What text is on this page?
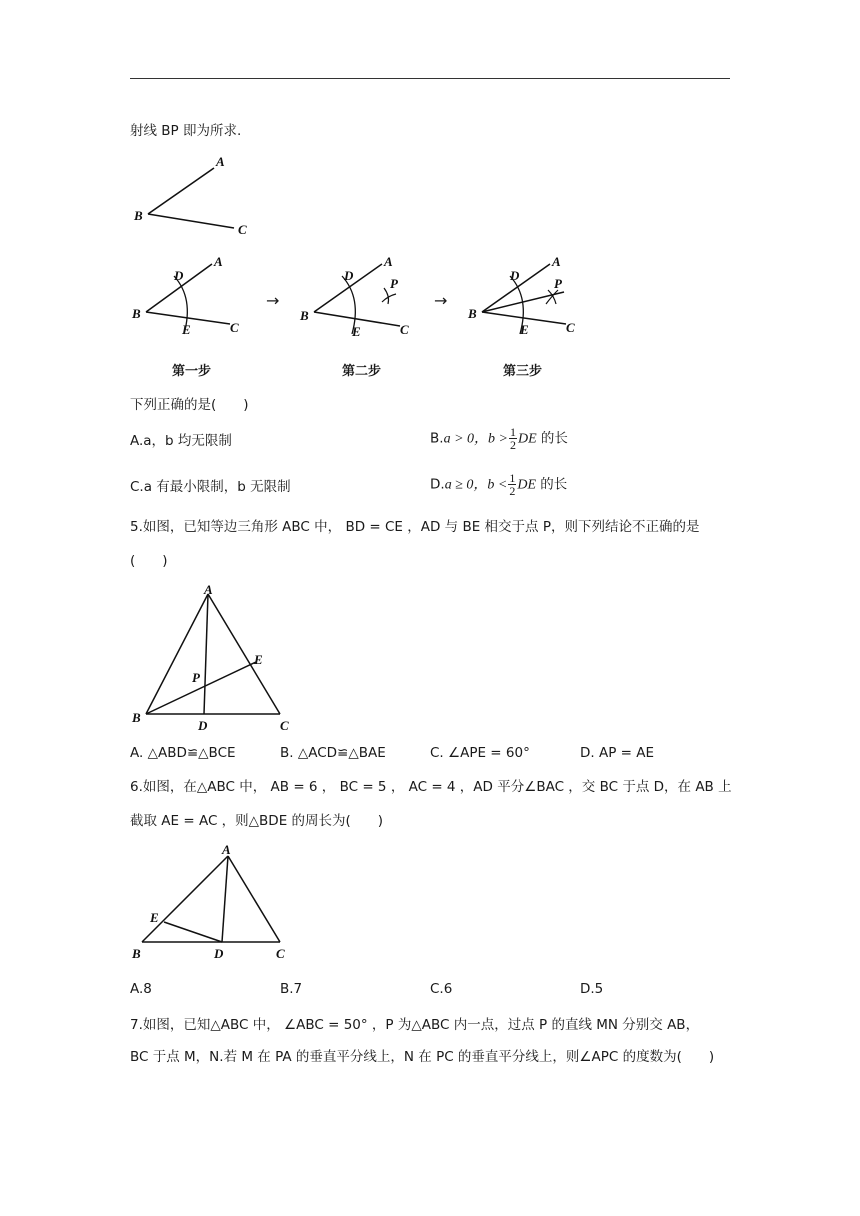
射线 BP 即为所求.
A
B
C
A
B
C
D
E
→
A
B
C
D
E
P
→
A
B
C
D
E
P
第一步	第二步	第三步
下列正确的是(　　)
A.a，b 均无限制	B.a > 0，$b > \frac{1}{2}$ DE 的长
C.a 有最小限制，b 无限制	D.a ≥ 0，$b < \frac{1}{2}$ DE 的长
5.如图，已知等边三角形 ABC 中， BD = CE ，AD 与 BE 相交于点 P，则下列结论不正确的是
(　　)
A
B
C
D
E
P
A. △ABD≌△BCE	B. △ACD≌△BAE	C. ∠APE = 60°	D. AP = AE
6.如图，在△ABC 中， AB = 6 ， BC = 5 ， AC = 4 ，AD 平分∠BAC ，交 BC 于点 D，在 AB 上
截取 AE = AC ，则△BDE 的周长为(　　)
A
B	C
D
E
A.8	B.7	C.6	D.5
7.如图，已知△ABC 中， ∠ABC = 50° ，P 为△ABC 内一点，过点 P 的直线 MN 分别交 AB，
BC 于点 M，N.若 M 在 PA 的垂直平分线上，N 在 PC 的垂直平分线上，则∠APC 的度数为(　　)
